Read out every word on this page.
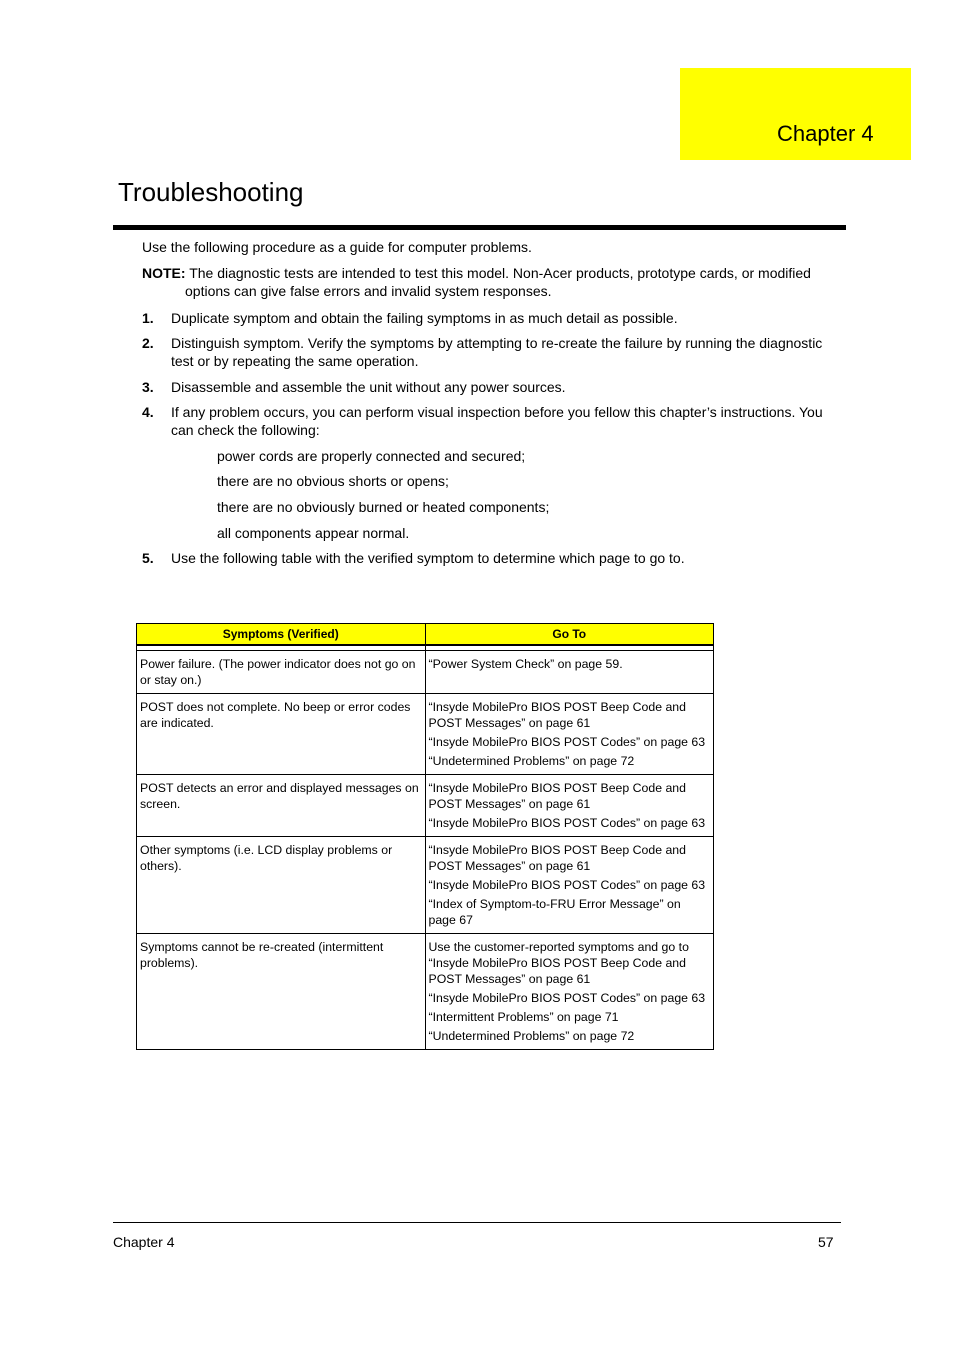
Chapter 4
Troubleshooting
Use the following procedure as a guide for computer problems.
NOTE: The diagnostic tests are intended to test this model. Non-Acer products, prototype cards, or modified
options can give false errors and invalid system responses.
1. Duplicate symptom and obtain the failing symptoms in as much detail as possible.
2. Distinguish symptom. Verify the symptoms by attempting to re-create the failure by running the diagnostic
test or by repeating the same operation.
3. Disassemble and assemble the unit without any power sources.
4. If any problem occurs, you can perform visual inspection before you fellow this chapter’s instructions. You
can check the following:
power cords are properly connected and secured;
there are no obvious shorts or opens;
there are no obviously burned or heated components;
all components appear normal.
5. Use the following table with the verified symptom to determine which page to go to.
Symptoms (Verified)	Go To

Power failure. (The power indicator does not go on or stay on.)	“Power System Check” on page 59.

POST does not complete. No beep or error codes are indicated.	“Insyde MobilePro BIOS POST Beep Code and POST Messages” on page 61

“Insyde MobilePro BIOS POST Codes” on page 63

“Undetermined Problems” on page 72

POST detects an error and displayed messages on screen.	“Insyde MobilePro BIOS POST Beep Code and POST Messages” on page 61

“Insyde MobilePro BIOS POST Codes” on page 63

Other symptoms (i.e. LCD display problems or others).	“Insyde MobilePro BIOS POST Beep Code and POST Messages” on page 61

“Insyde MobilePro BIOS POST Codes” on page 63

“Index of Symptom-to-FRU Error Message” on page 67

Symptoms cannot be re-created (intermittent problems).	Use the customer-reported symptoms and go to “Insyde MobilePro BIOS POST Beep Code and POST Messages” on page 61

“Insyde MobilePro BIOS POST Codes” on page 63

“Intermittent Problems” on page 71

“Undetermined Problems” on page 72

Chapter 4	57
